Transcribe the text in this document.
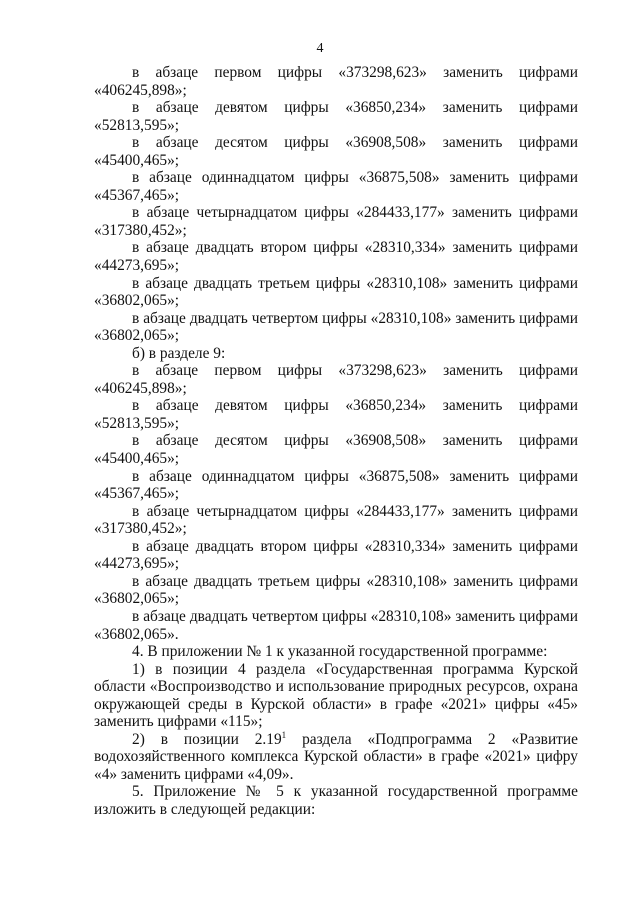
4

в абзаце первом цифры «373298,623» заменить цифрами «406245,898»;

в абзаце девятом цифры «36850,234» заменить цифрами «52813,595»;

в абзаце десятом цифры «36908,508» заменить цифрами «45400,465»;

в абзаце одиннадцатом цифры «36875,508» заменить цифрами «45367,465»;

в абзаце четырнадцатом цифры «284433,177» заменить цифрами «317380,452»;

в абзаце двадцать втором цифры «28310,334» заменить цифрами «44273,695»;

в абзаце двадцать третьем цифры «28310,108» заменить цифрами «36802,065»;

в абзаце двадцать четвертом цифры «28310,108» заменить цифрами «36802,065»;

б) в разделе 9:

в абзаце первом цифры «373298,623» заменить цифрами «406245,898»;

в абзаце девятом цифры «36850,234» заменить цифрами «52813,595»;

в абзаце десятом цифры «36908,508» заменить цифрами «45400,465»;

в абзаце одиннадцатом цифры «36875,508» заменить цифрами «45367,465»;

в абзаце четырнадцатом цифры «284433,177» заменить цифрами «317380,452»;

в абзаце двадцать втором цифры «28310,334» заменить цифрами «44273,695»;

в абзаце двадцать третьем цифры «28310,108» заменить цифрами «36802,065»;

в абзаце двадцать четвертом цифры «28310,108» заменить цифрами «36802,065».

4. В приложении № 1 к указанной государственной программе:

1) в позиции 4 раздела «Государственная программа Курской области «Воспроизводство и использование природных ресурсов, охрана окружающей среды в Курской области» в графе «2021» цифры «45» заменить цифрами «115»;

2) в позиции 2.19$^1$ раздела «Подпрограмма 2 «Развитие водохозяйственного комплекса Курской области» в графе «2021» цифру «4» заменить цифрами «4,09».

5. Приложение № 5 к указанной государственной программе изложить в следующей редакции:
